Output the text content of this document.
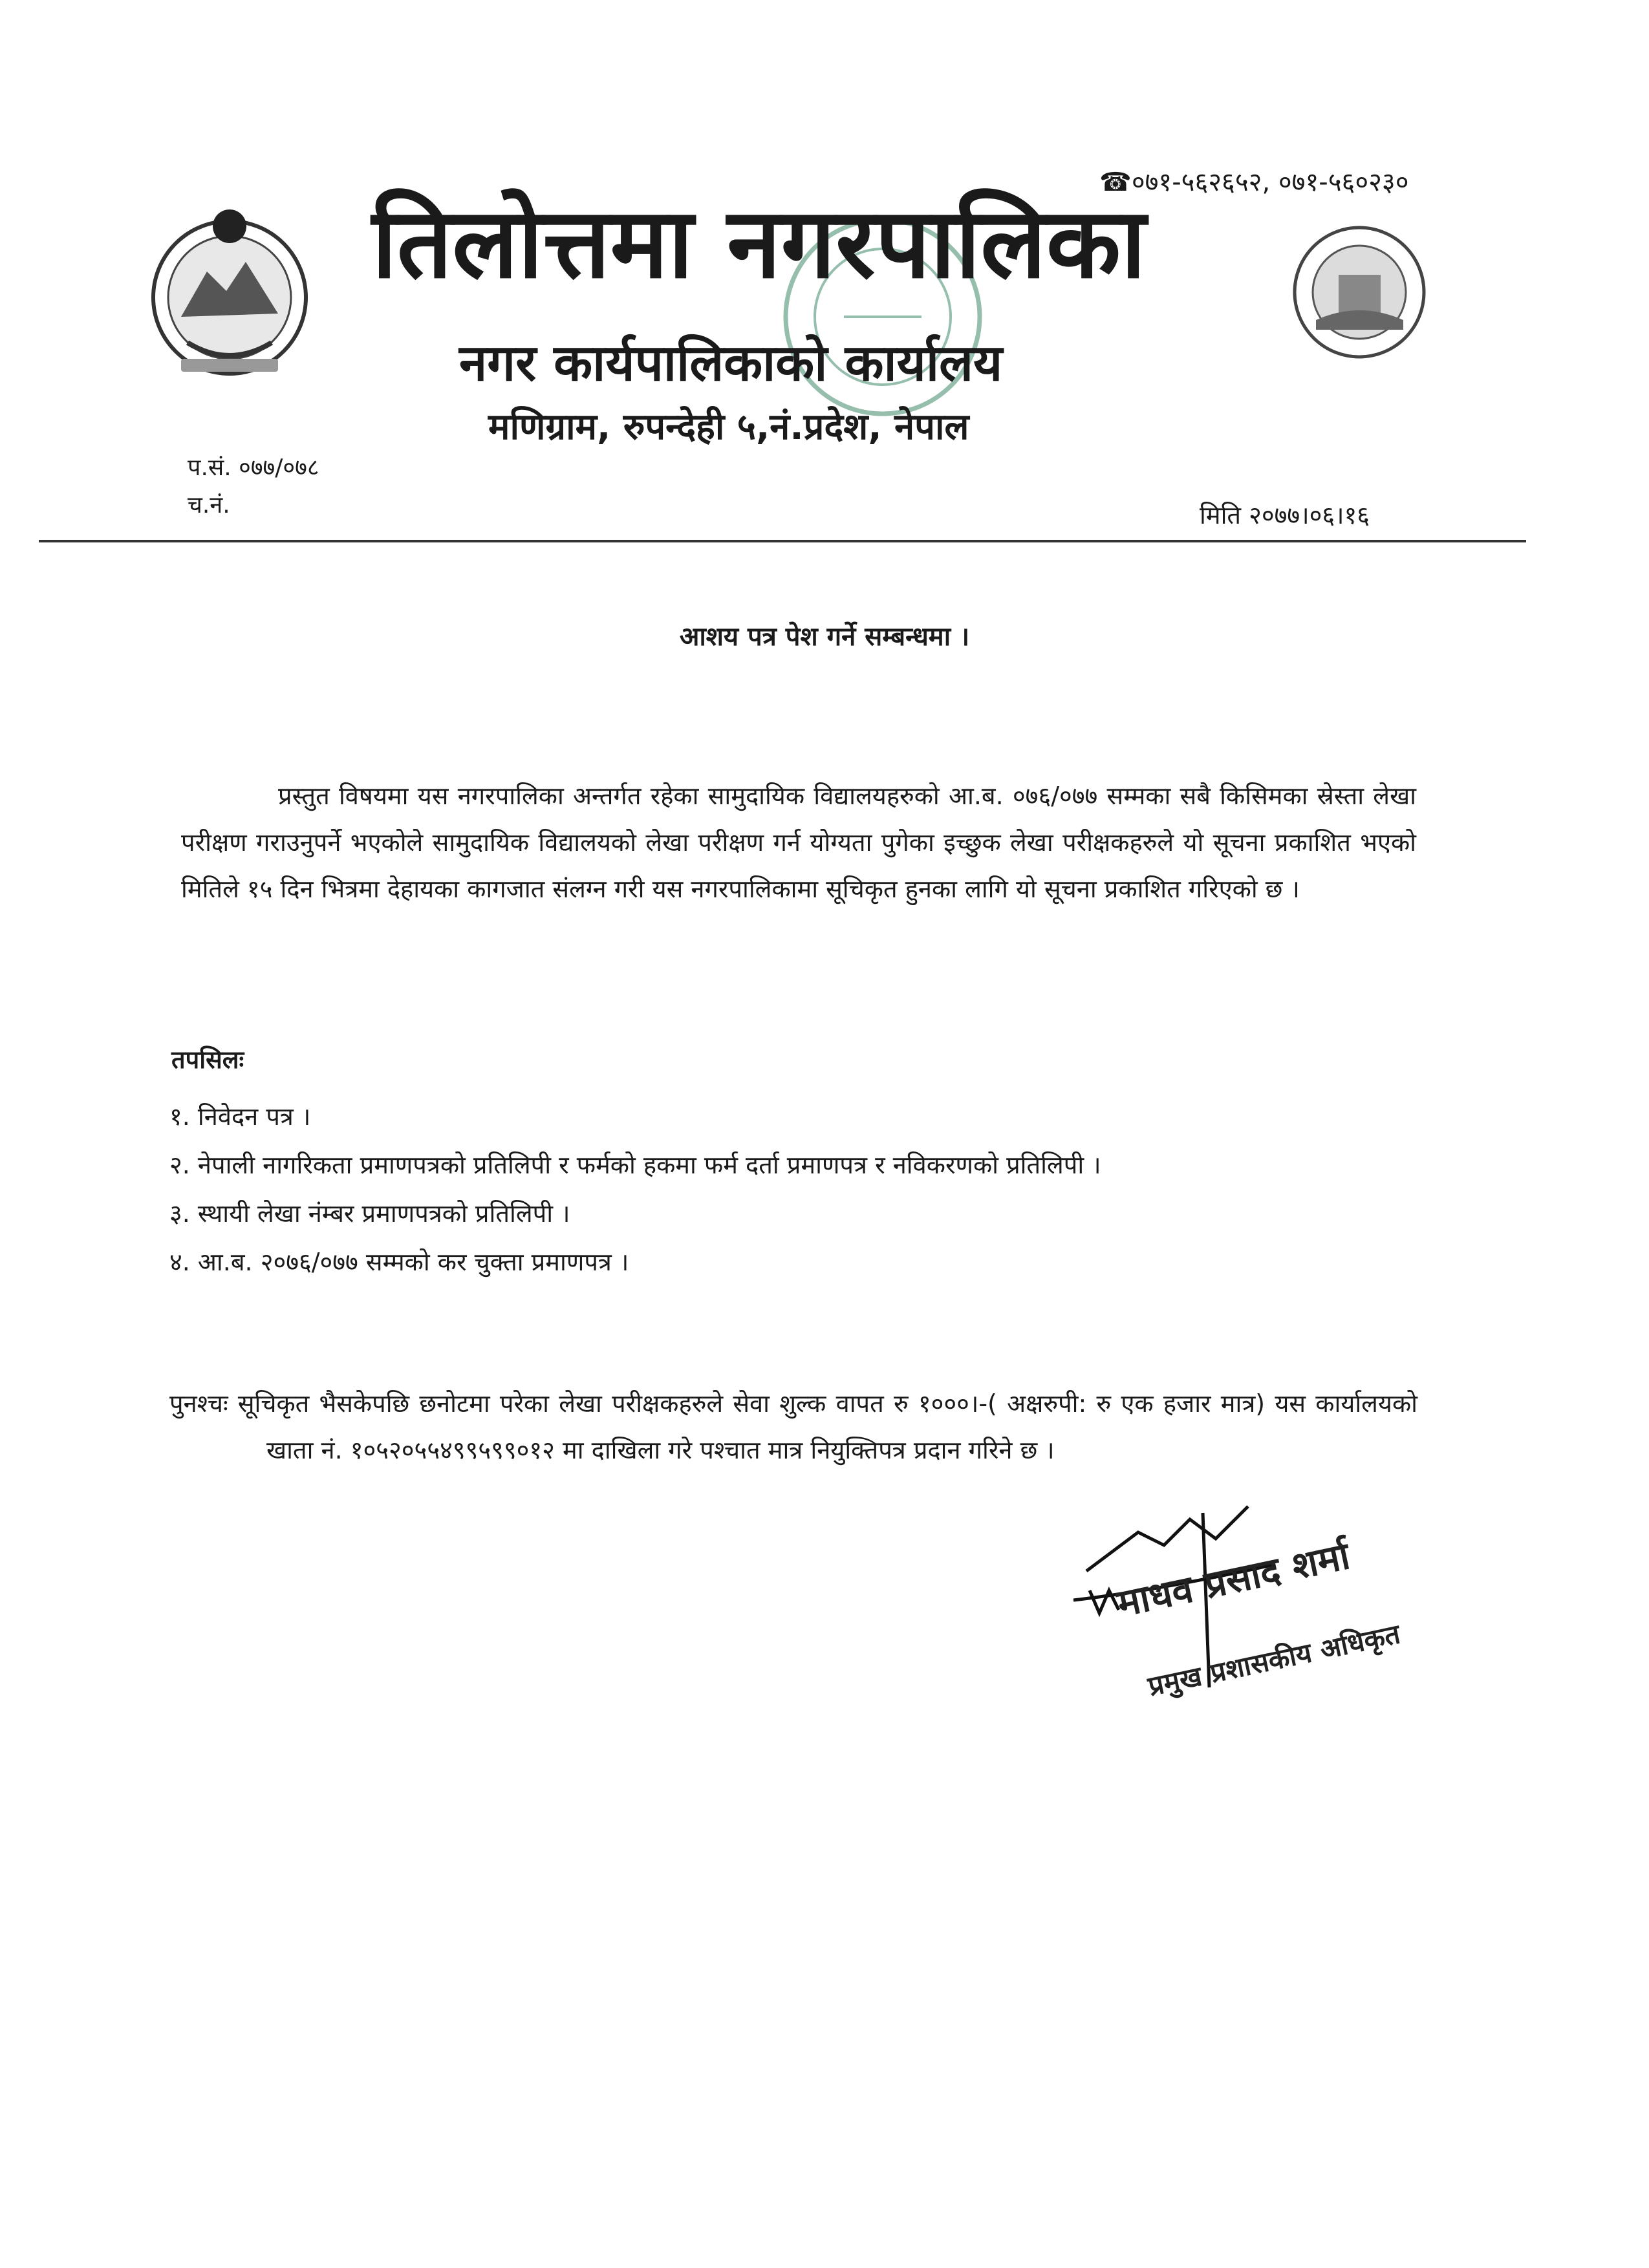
☎०७१-५६२६५२, ०७१-५६०२३०
तिलोत्तमा नगरपालिका
नगर कार्यपालिकाको कार्यालय
मणिग्राम, रुपन्देही ५,नं.प्रदेश, नेपाल
प.सं. ०७७/०७८
च.नं.	मिति २०७७।०६।१६
आशय पत्र पेश गर्ने सम्बन्धमा ।

प्रस्तुत विषयमा यस नगरपालिका अन्तर्गत रहेका सामुदायिक विद्यालयहरुको आ.ब. ०७६/०७७ सम्मका सबै किसिमका स्रेस्ता लेखा परीक्षण गराउनुपर्ने भएकोले सामुदायिक विद्यालयको लेखा परीक्षण गर्न योग्यता पुगेका इच्छुक लेखा परीक्षकहरुले यो सूचना प्रकाशित भएको मितिले १५ दिन भित्रमा देहायका कागजात संलग्न गरी यस नगरपालिकामा सूचिकृत हुनका लागि यो सूचना प्रकाशित गरिएको छ ।

तपसिलः
१. निवेदन पत्र ।
२. नेपाली नागरिकता प्रमाणपत्रको प्रतिलिपी र फर्मको हकमा फर्म दर्ता प्रमाणपत्र र नविकरणको प्रतिलिपी ।
३. स्थायी लेखा नंम्बर प्रमाणपत्रको प्रतिलिपी ।
४. आ.ब. २०७६/०७७ सम्मको कर चुक्ता प्रमाणपत्र ।

पुनश्चः सूचिकृत भैसकेपछि छनोटमा परेका लेखा परीक्षकहरुले सेवा शुल्क वापत रु १०००।-( अक्षरुपी: रु एक हजार मात्र) यस कार्यालयको खाता नं. १०५२०५५४९९५९९०१२ मा दाखिला गरे पश्चात मात्र नियुक्तिपत्र प्रदान गरिने छ ।

माधव प्रसाद शर्मा
प्रमुख प्रशासकीय अधिकृत
